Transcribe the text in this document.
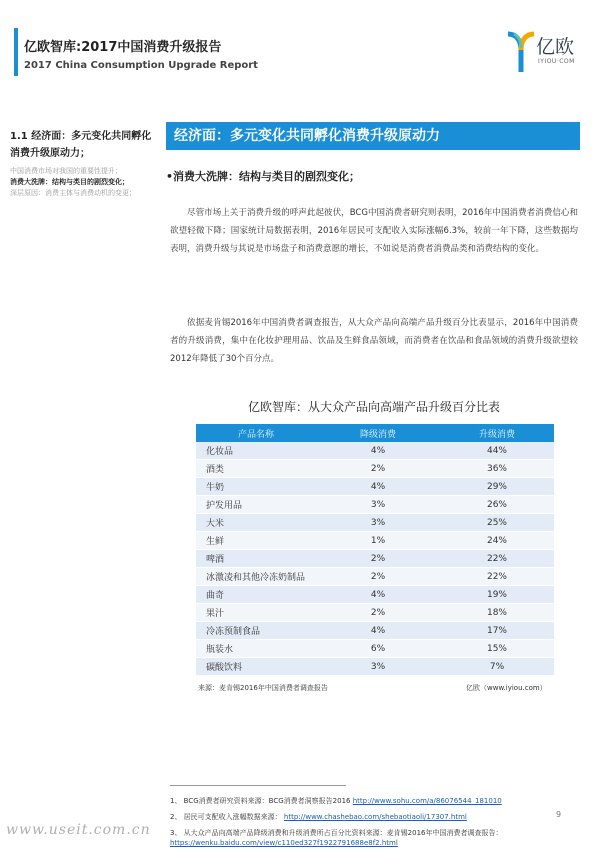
亿欧智库:2017中国消费升级报告
2017 China Consumption Upgrade Report
亿欧
IYIOU·COM
1.1 经济面：多元变化共同孵化
消费升级原动力；
中国消费市场对我国的重要性提升；
消费大洗牌：结构与类目的剧烈变化；
深层原因：消费主体与消费动机的变更；
经济面：多元变化共同孵化消费升级原动力
•消费大洗牌：结构与类目的剧烈变化；
尽管市场上关于消费升级的呼声此起彼伏，BCG中国消费者研究则表明，2016年中国消费者消费信心和欲望轻微下降；国家统计局数据表明，2016年居民可支配收入实际涨幅6.3%，较前一年下降，这些数据均表明，消费升级与其说是市场盘子和消费意愿的增长，不如说是消费者消费品类和消费结构的变化。
依据麦肯锡2016年中国消费者调查报告，从大众产品向高端产品升级百分比表显示，2016年中国消费者的升级消费，集中在化妆护理用品、饮品及生鲜食品领域，而消费者在饮品和食品领域的消费升级欲望较2012年降低了30个百分点。
亿欧智库：从大众产品向高端产品升级百分比表
产品名称	降级消费	升级消费
化妆品	4%	44%
酒类	2%	36%
牛奶	4%	29%
护发用品	3%	26%
大米	3%	25%
生鲜	1%	24%
啤酒	2%	22%
冰激凌和其他冷冻奶制品	2%	22%
曲奇	4%	19%
果汁	2%	18%
冷冻预制食品	4%	17%
瓶装水	6%	15%
碳酸饮料	3%	7%
来源：麦肯锡2016年中国消费者调查报告	亿欧（www.iyiou.com）
1、 BCG消费者研究资料来源：BCG消费者洞察报告2016 http://www.sohu.com/a/86076544_181010
2、 居民可支配收入涨幅数据来源： http://www.chashebao.com/shebaotiaoli/17307.html
3、 从大众产品向高端产品降级消费和升级消费所占百分比资料来源：麦肯锡2016年中国消费者调查报告：
https://wenku.baidu.com/view/c110ed327f1922791688e8f2.html
9
www.useit.com.cn
